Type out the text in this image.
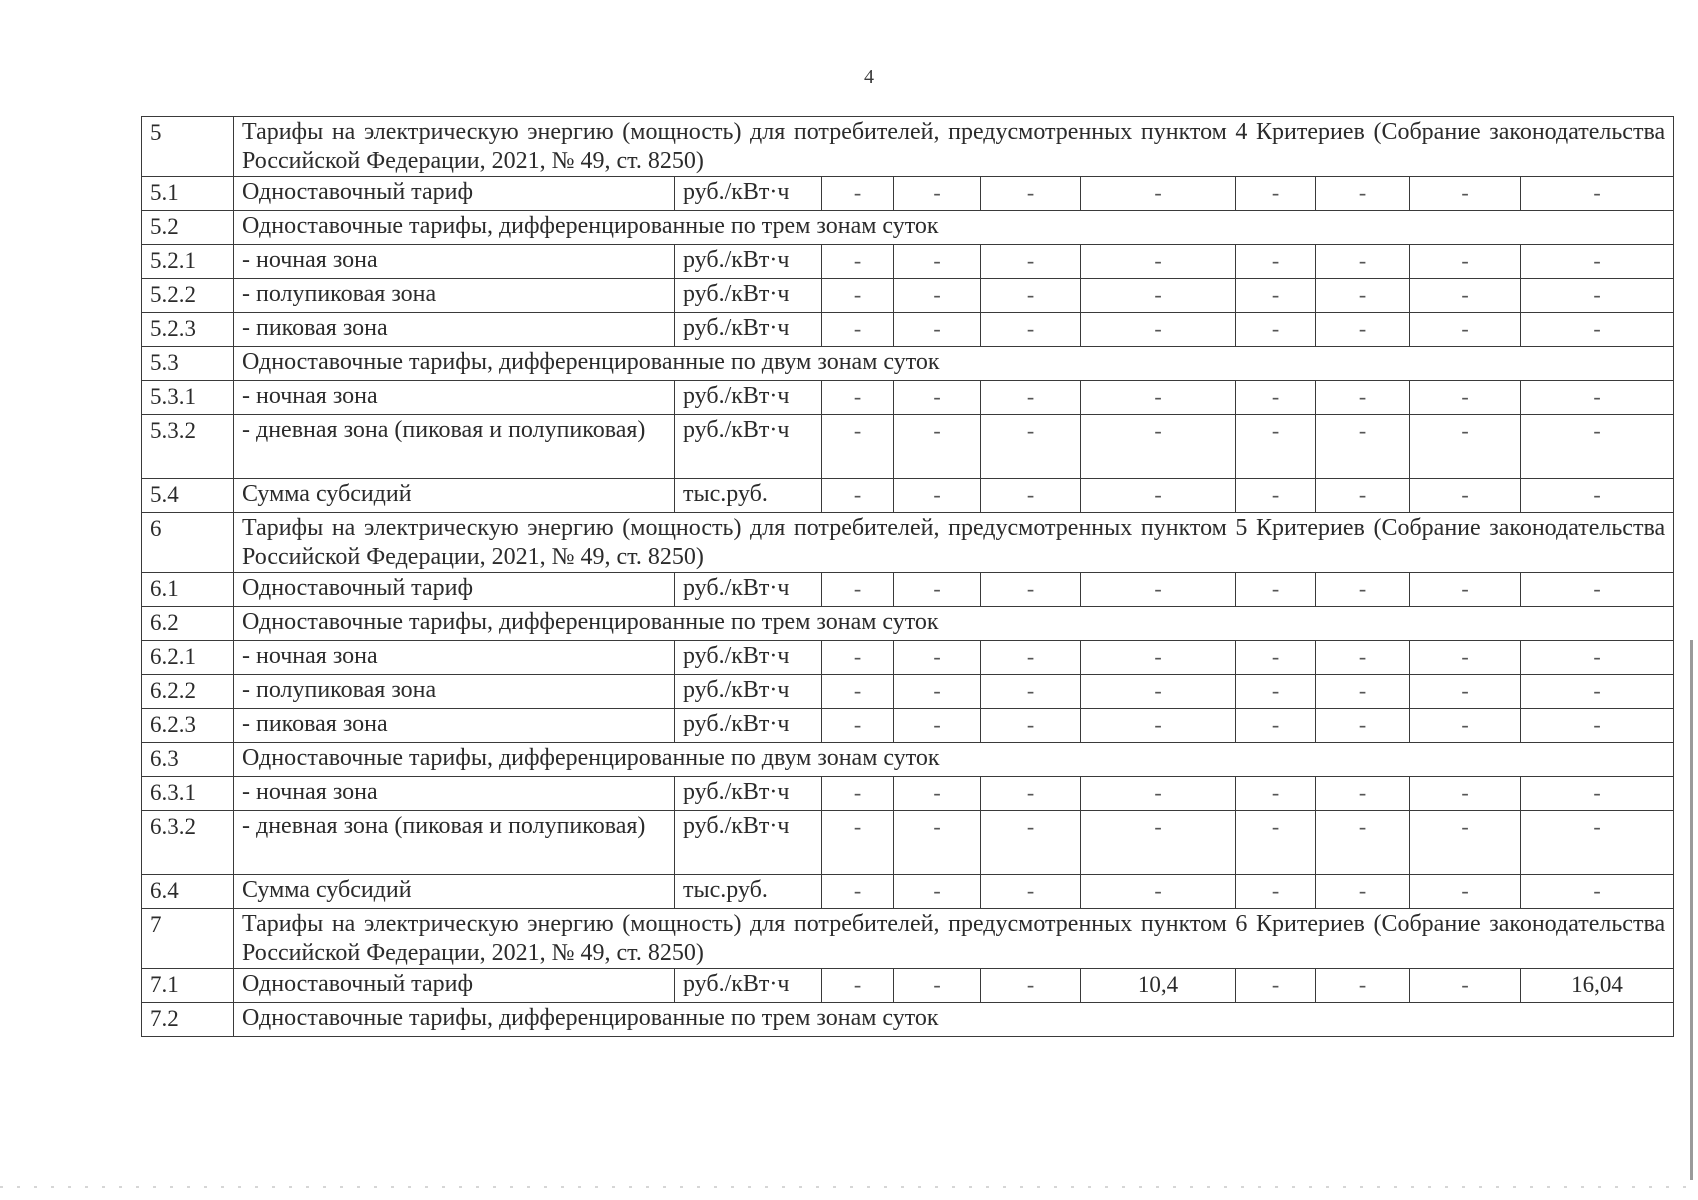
4
5	Тарифы на электрическую энергию (мощность) для потребителей, предусмотренных пунктом 4 Критериев (Собрание законодательства Российской Федерации, 2021, № 49, ст. 8250)									
5.1	Одноставочный тариф	руб./кВт·ч	-	-	-	-	-	-	-	-
5.2	Одноставочные тарифы, дифференцированные по трем зонам суток									
5.2.1	- ночная зона	руб./кВт·ч	-	-	-	-	-	-	-	-
5.2.2	- полупиковая зона	руб./кВт·ч	-	-	-	-	-	-	-	-
5.2.3	- пиковая зона	руб./кВт·ч	-	-	-	-	-	-	-	-
5.3	Одноставочные тарифы, дифференцированные по двум зонам суток									
5.3.1	- ночная зона	руб./кВт·ч	-	-	-	-	-	-	-	-
5.3.2	- дневная зона (пиковая и полупиковая)	руб./кВт·ч	-	-	-	-	-	-	-	-
5.4	Сумма субсидий	тыс.руб.	-	-	-	-	-	-	-	-
6	Тарифы на электрическую энергию (мощность) для потребителей, предусмотренных пунктом 5 Критериев (Собрание законодательства Российской Федерации, 2021, № 49, ст. 8250)									
6.1	Одноставочный тариф	руб./кВт·ч	-	-	-	-	-	-	-	-
6.2	Одноставочные тарифы, дифференцированные по трем зонам суток									
6.2.1	- ночная зона	руб./кВт·ч	-	-	-	-	-	-	-	-
6.2.2	- полупиковая зона	руб./кВт·ч	-	-	-	-	-	-	-	-
6.2.3	- пиковая зона	руб./кВт·ч	-	-	-	-	-	-	-	-
6.3	Одноставочные тарифы, дифференцированные по двум зонам суток									
6.3.1	- ночная зона	руб./кВт·ч	-	-	-	-	-	-	-	-
6.3.2	- дневная зона (пиковая и полупиковая)	руб./кВт·ч	-	-	-	-	-	-	-	-
6.4	Сумма субсидий	тыс.руб.	-	-	-	-	-	-	-	-
7	Тарифы на электрическую энергию (мощность) для потребителей, предусмотренных пунктом 6 Критериев (Собрание законодательства Российской Федерации, 2021, № 49, ст. 8250)									
7.1	Одноставочный тариф	руб./кВт·ч	-	-	-	10,4	-	-	-	16,04
7.2	Одноставочные тарифы, дифференцированные по трем зонам суток									
